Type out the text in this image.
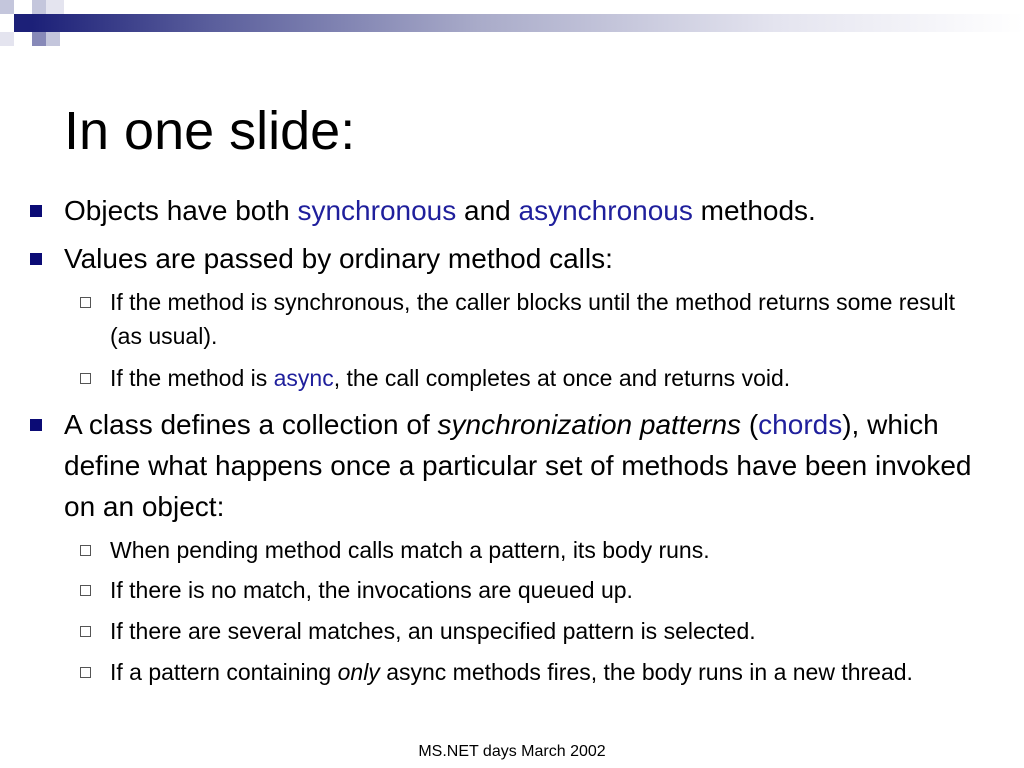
In one slide:
Objects have both synchronous and asynchronous methods.
Values are passed by ordinary method calls:
If the method is synchronous, the caller blocks until the method returns some result (as usual).
If the method is async, the call completes at once and returns void.
A class defines a collection of synchronization patterns (chords), which define what happens once a particular set of methods have been invoked on an object:
When pending method calls match a pattern, its body runs.
If there is no match, the invocations are queued up.
If there are several matches, an unspecified pattern is selected.
If a pattern containing only async methods fires, the body runs in a new thread.
MS.NET days March 2002
